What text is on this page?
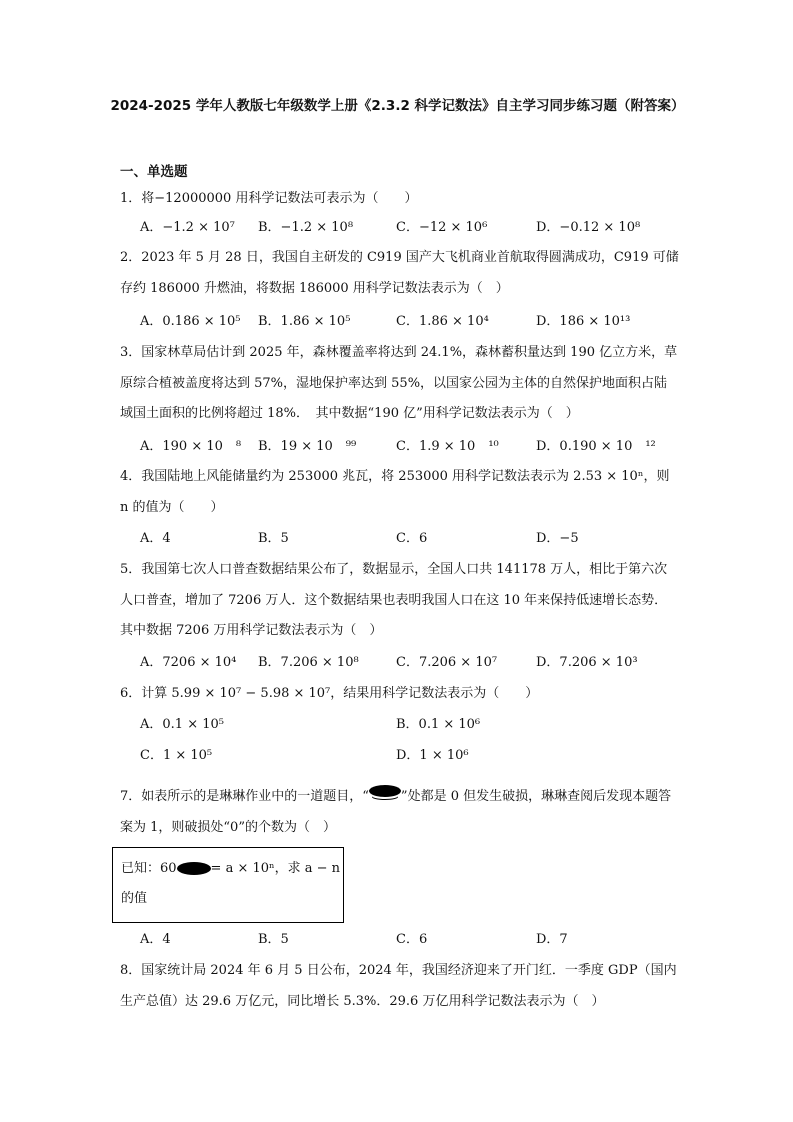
2024-2025 学年人教版七年级数学上册《2.3.2 科学记数法》自主学习同步练习题（附答案）
一、单选题
1．将−12000000 用科学记数法可表示为（　　）
A．−1.2 × 10⁷ B．−1.2 × 10⁸	C．−12 × 10⁶	D．−0.12 × 10⁸
2．2023 年 5 月 28 日，我国自主研发的 C919 国产大飞机商业首航取得圆满成功，C919 可储存约 186000 升燃油，将数据 186000 用科学记数法表示为（　）
A．0.186 × 10⁵ B．1.86 × 10⁵	C．1.86 × 10⁴	D．186 × 10¹³
3．国家林草局估计到 2025 年，森林覆盖率将达到 24.1%，森林蓄积量达到 190 亿立方米，草原综合植被盖度将达到 57%，湿地保护率达到 55%，以国家公园为主体的自然保护地面积占陆域国土面积的比例将超过 18%．　其中数据“190 亿”用科学记数法表示为（　）
A．190 × 10　⁸ B．19 × 10　⁹⁹	C．1.9 × 10　¹⁰	D．0.190 × 10　¹²
4．我国陆地上风能储量约为 253000 兆瓦，将 253000 用科学记数法表示为 2.53 × 10ⁿ，则 n 的值为（　　）
A．4	B．5	C．6	D．−5
5．我国第七次人口普查数据结果公布了，数据显示，全国人口共 141178 万人，相比于第六次人口普查，增加了 7206 万人．这个数据结果也表明我国人口在这 10 年来保持低速增长态势．其中数据 7206 万用科学记数法表示为（　）
A．7206 × 10⁴ B．7.206 × 10⁸	C．7.206 × 10⁷	D．7.206 × 10³
6．计算 5.99 × 10⁷ − 5.98 × 10⁷，结果用科学记数法表示为（　　）
A．0.1 × 10⁵	B．0.1 × 10⁶
C．1 × 10⁵	D．1 × 10⁶
7．如表所示的是琳琳作业中的一道题目，“ ”处都是 0 但发生破损，琳琳查阅后发现本题答案为 1，则破损处“0”的个数为（　）
已知：60	= a × 10ⁿ，求 a − n
的值
A．4	B．5	C．6	D．7
8．国家统计局 2024 年 6 月 5 日公布，2024 年，我国经济迎来了开门红．一季度 GDP（国内生产总值）达 29.6 万亿元，同比增长 5.3%．29.6 万亿用科学记数法表示为（　）
